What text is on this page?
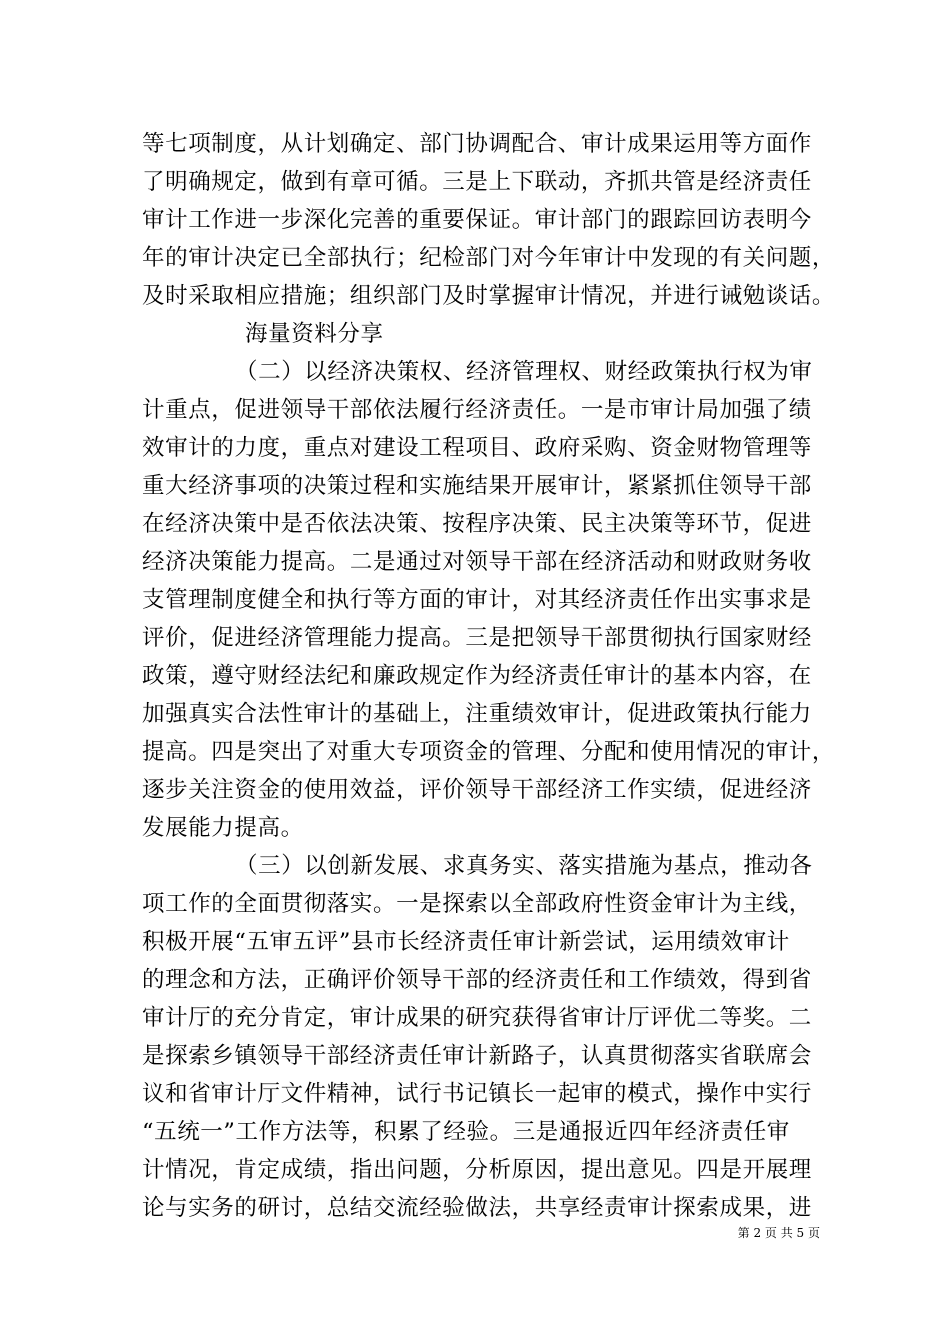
等七项制度，从计划确定、部门协调配合、审计成果运用等方面作
了明确规定，做到有章可循。三是上下联动，齐抓共管是经济责任
审计工作进一步深化完善的重要保证。审计部门的跟踪回访表明今
年的审计决定已全部执行；纪检部门对今年审计中发现的有关问题，
及时采取相应措施；组织部门及时掌握审计情况，并进行诫勉谈话。
海量资料分享
（二）以经济决策权、经济管理权、财经政策执行权为审
计重点，促进领导干部依法履行经济责任。一是市审计局加强了绩
效审计的力度，重点对建设工程项目、政府采购、资金财物管理等
重大经济事项的决策过程和实施结果开展审计，紧紧抓住领导干部
在经济决策中是否依法决策、按程序决策、民主决策等环节，促进
经济决策能力提高。二是通过对领导干部在经济活动和财政财务收
支管理制度健全和执行等方面的审计，对其经济责任作出实事求是
评价，促进经济管理能力提高。三是把领导干部贯彻执行国家财经
政策，遵守财经法纪和廉政规定作为经济责任审计的基本内容，在
加强真实合法性审计的基础上，注重绩效审计，促进政策执行能力
提高。四是突出了对重大专项资金的管理、分配和使用情况的审计，
逐步关注资金的使用效益，评价领导干部经济工作实绩，促进经济
发展能力提高。
（三）以创新发展、求真务实、落实措施为基点，推动各
项工作的全面贯彻落实。一是探索以全部政府性资金审计为主线，
积极开展“五审五评”县市长经济责任审计新尝试，运用绩效审计
的理念和方法，正确评价领导干部的经济责任和工作绩效，得到省
审计厅的充分肯定，审计成果的研究获得省审计厅评优二等奖。二
是探索乡镇领导干部经济责任审计新路子，认真贯彻落实省联席会
议和省审计厅文件精神，试行书记镇长一起审的模式，操作中实行
“五统一”工作方法等，积累了经验。三是通报近四年经济责任审
计情况，肯定成绩，指出问题，分析原因，提出意见。四是开展理
论与实务的研讨，总结交流经验做法，共享经责审计探索成果，进
第 2 页 共 5 页
